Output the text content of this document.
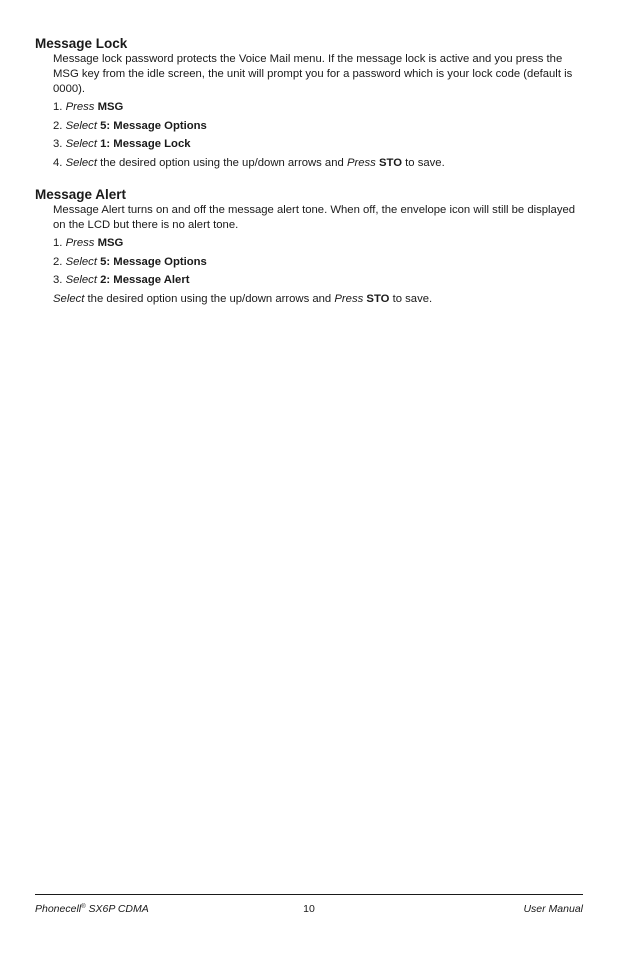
Message Lock

Message lock password protects the Voice Mail menu. If the message lock is active and you press the MSG key from the idle screen, the unit will prompt you for a password which is your lock code (default is 0000).

1. Press MSG

2. Select 5: Message Options

3. Select 1: Message Lock

4. Select the desired option using the up/down arrows and Press STO to save.

Message Alert

Message Alert turns on and off the message alert tone. When off, the envelope icon will still be displayed on the LCD but there is no alert tone.

1. Press MSG

2. Select 5: Message Options

3. Select 2: Message Alert

Select the desired option using the up/down arrows and Press STO to save.

Phonecell® SX6P CDMA	10	User Manual
